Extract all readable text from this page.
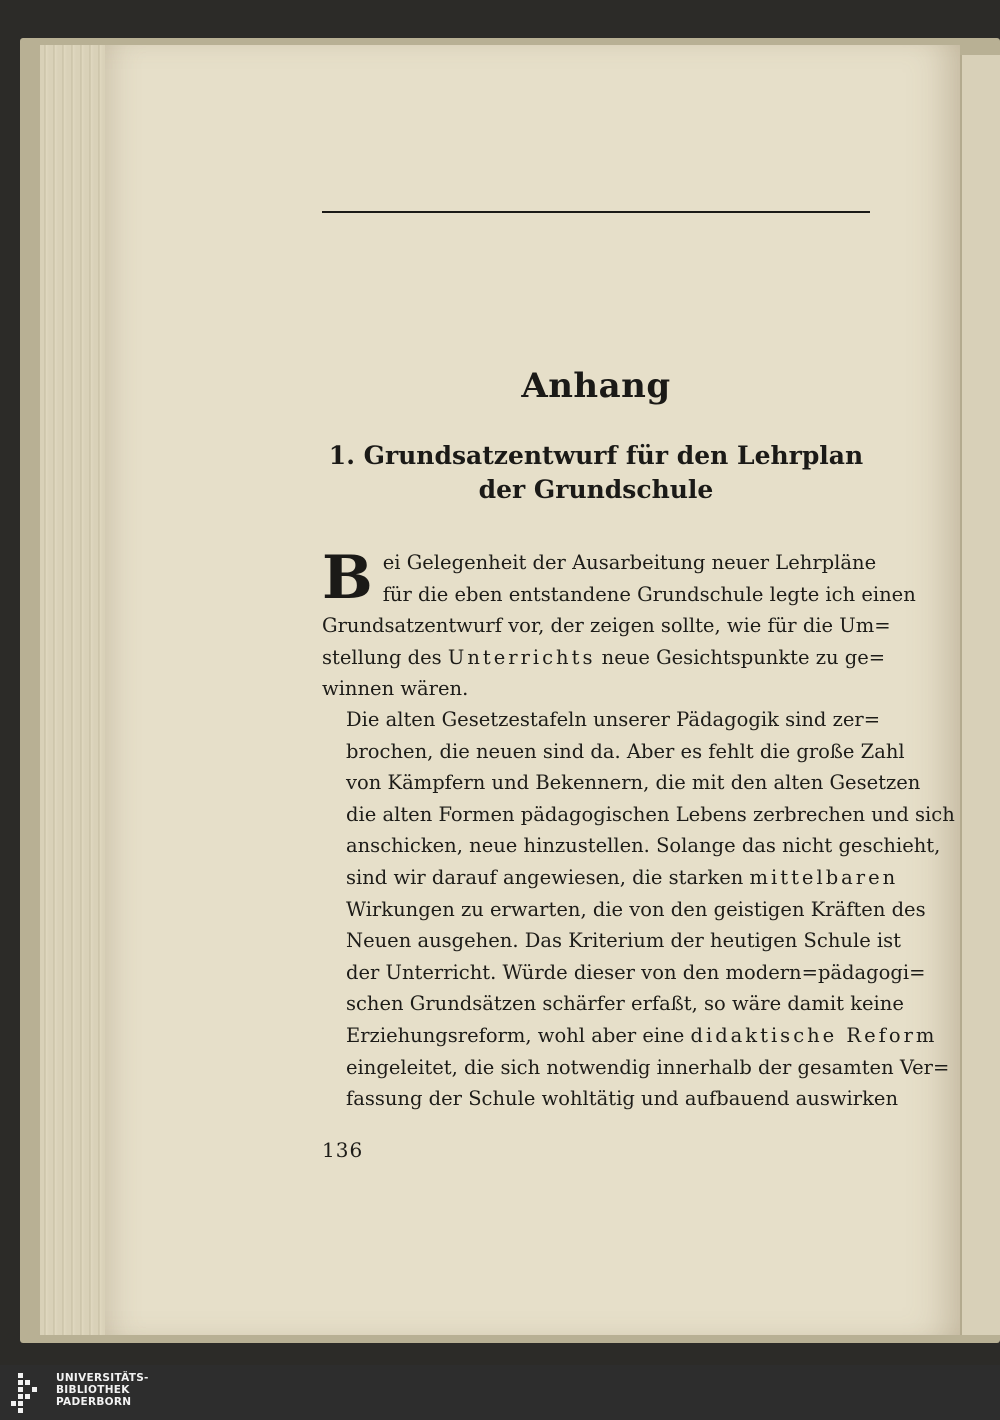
Anhang
1. Grundsatzentwurf für den Lehrplan
der Grundschule
B ei Gelegenheit der Ausarbeitung neuer Lehrpläne
für die eben entstandene Grundschule legte ich einen
Grundsatzentwurf vor, der zeigen sollte, wie für die Um=
stellung des Unterrichts neue Gesichtspunkte zu ge=
winnen wären.
Die alten Gesetzestafeln unserer Pädagogik sind zer=
brochen, die neuen sind da. Aber es fehlt die große Zahl
von Kämpfern und Bekennern, die mit den alten Gesetzen
die alten Formen pädagogischen Lebens zerbrechen und sich
anschicken, neue hinzustellen. Solange das nicht geschieht,
sind wir darauf angewiesen, die starken mittelbaren
Wirkungen zu erwarten, die von den geistigen Kräften des
Neuen ausgehen. Das Kriterium der heutigen Schule ist
der Unterricht. Würde dieser von den modern=pädagogi=
schen Grundsätzen schärfer erfaßt, so wäre damit keine
Erziehungsreform, wohl aber eine didaktische Reform
eingeleitet, die sich notwendig innerhalb der gesamten Ver=
fassung der Schule wohltätig und aufbauend auswirken
136
UNIVERSITÄTS-
BIBLIOTHEK
PADERBORN
